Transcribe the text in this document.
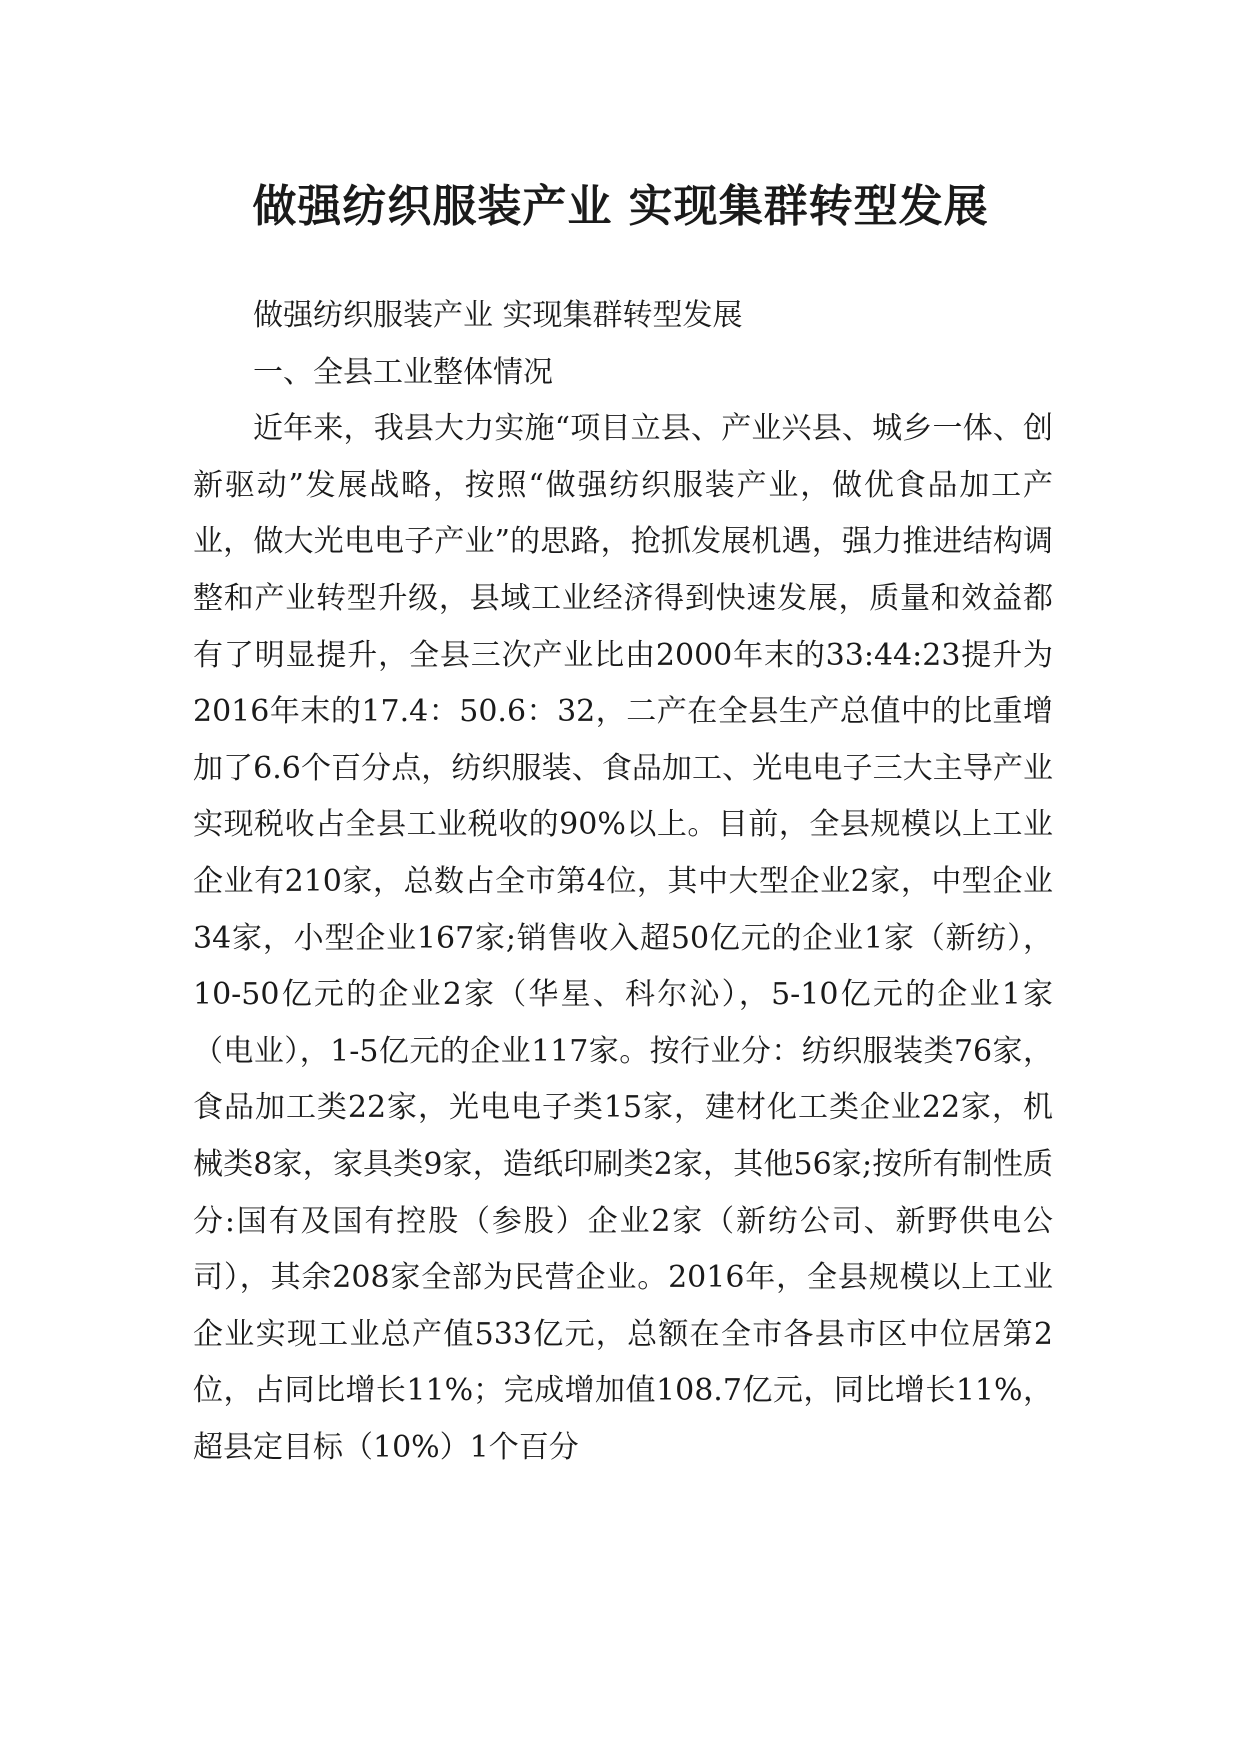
做强纺织服装产业 实现集群转型发展

做强纺织服装产业 实现集群转型发展

一、全县工业整体情况

近年来，我县大力实施“项目立县、产业兴县、城乡一体、创新驱动”发展战略，按照“做强纺织服装产业，做优食品加工产业，做大光电电子产业”的思路，抢抓发展机遇，强力推进结构调整和产业转型升级，县域工业经济得到快速发展，质量和效益都有了明显提升，全县三次产业比由2000年末的33:44:23提升为2016年末的17.4：50.6：32，二产在全县生产总值中的比重增加了6.6个百分点，纺织服装、食品加工、光电电子三大主导产业实现税收占全县工业税收的90%以上。目前，全县规模以上工业企业有210家，总数占全市第4位，其中大型企业2家，中型企业34家，小型企业167家;销售收入超50亿元的企业1家（新纺），10-50亿元的企业2家（华星、科尔沁），5-10亿元的企业1家（电业），1-5亿元的企业117家。按行业分：纺织服装类76家，食品加工类22家，光电电子类15家，建材化工类企业22家，机械类8家，家具类9家，造纸印刷类2家，其他56家;按所有制性质分:国有及国有控股（参股）企业2家（新纺公司、新野供电公司），其余208家全部为民营企业。2016年，全县规模以上工业企业实现工业总产值533亿元，总额在全市各县市区中位居第2位，占同比增长11%；完成增加值108.7亿元，同比增长11%，超县定目标（10%）1个百分
